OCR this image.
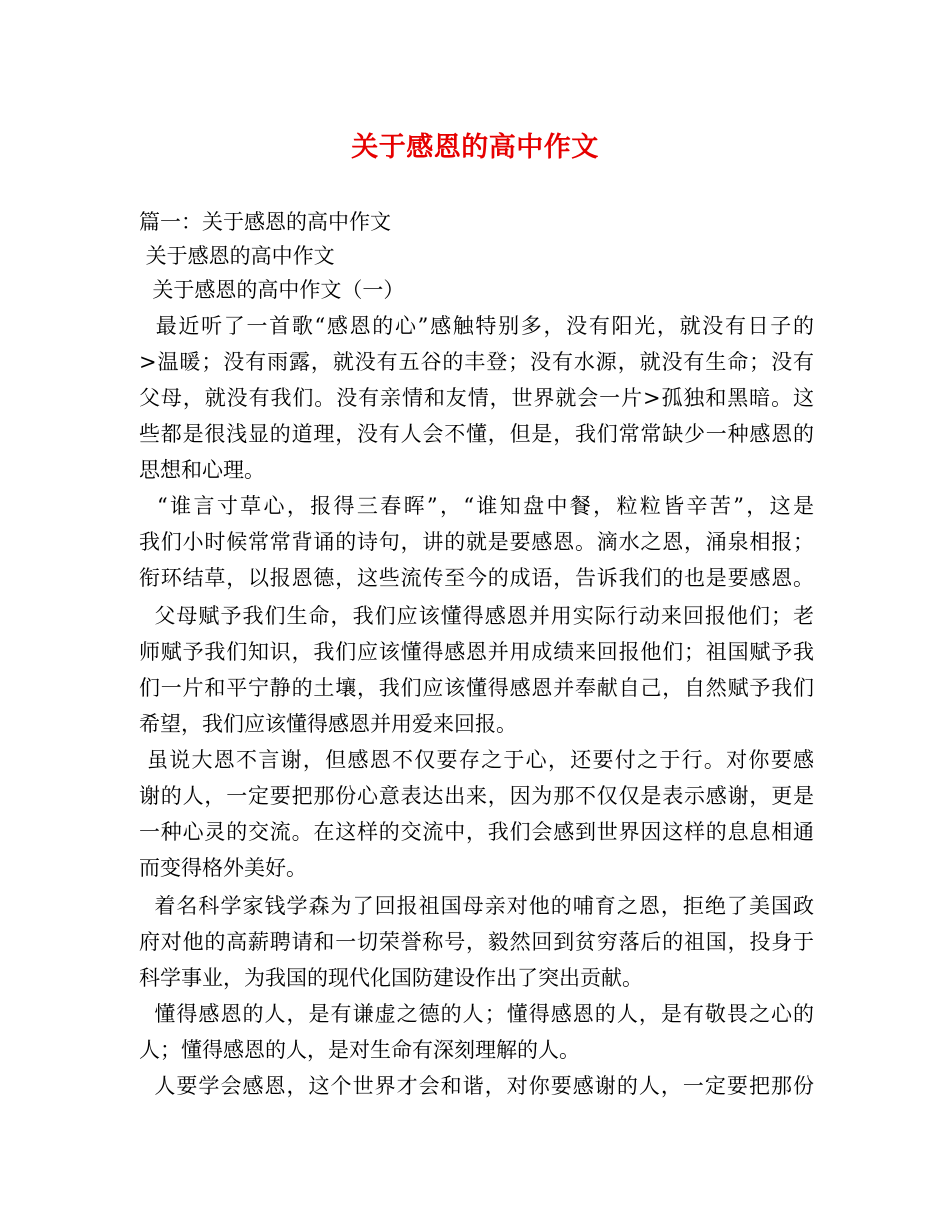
关于感恩的高中作文
篇一：关于感恩的高中作文
关于感恩的高中作文
关于感恩的高中作文（一）
最近听了一首歌“感恩的心”感触特别多，没有阳光，就没有日子的
>温暖；没有雨露，就没有五谷的丰登；没有水源，就没有生命；没有
父母，就没有我们。没有亲情和友情，世界就会一片>孤独和黑暗。这
些都是很浅显的道理，没有人会不懂，但是，我们常常缺少一种感恩的
思想和心理。
“谁言寸草心，报得三春晖”，“谁知盘中餐，粒粒皆辛苦”，这是
我们小时候常常背诵的诗句，讲的就是要感恩。滴水之恩，涌泉相报；
衔环结草，以报恩德，这些流传至今的成语，告诉我们的也是要感恩。
父母赋予我们生命，我们应该懂得感恩并用实际行动来回报他们；老
师赋予我们知识，我们应该懂得感恩并用成绩来回报他们；祖国赋予我
们一片和平宁静的土壤，我们应该懂得感恩并奉献自己，自然赋予我们
希望，我们应该懂得感恩并用爱来回报。
虽说大恩不言谢，但感恩不仅要存之于心，还要付之于行。对你要感
谢的人，一定要把那份心意表达出来，因为那不仅仅是表示感谢，更是
一种心灵的交流。在这样的交流中，我们会感到世界因这样的息息相通
而变得格外美好。
着名科学家钱学森为了回报祖国母亲对他的哺育之恩，拒绝了美国政
府对他的高薪聘请和一切荣誉称号，毅然回到贫穷落后的祖国，投身于
科学事业，为我国的现代化国防建设作出了突出贡献。
懂得感恩的人，是有谦虚之德的人；懂得感恩的人，是有敬畏之心的
人；懂得感恩的人，是对生命有深刻理解的人。
人要学会感恩，这个世界才会和谐，对你要感谢的人，一定要把那份
